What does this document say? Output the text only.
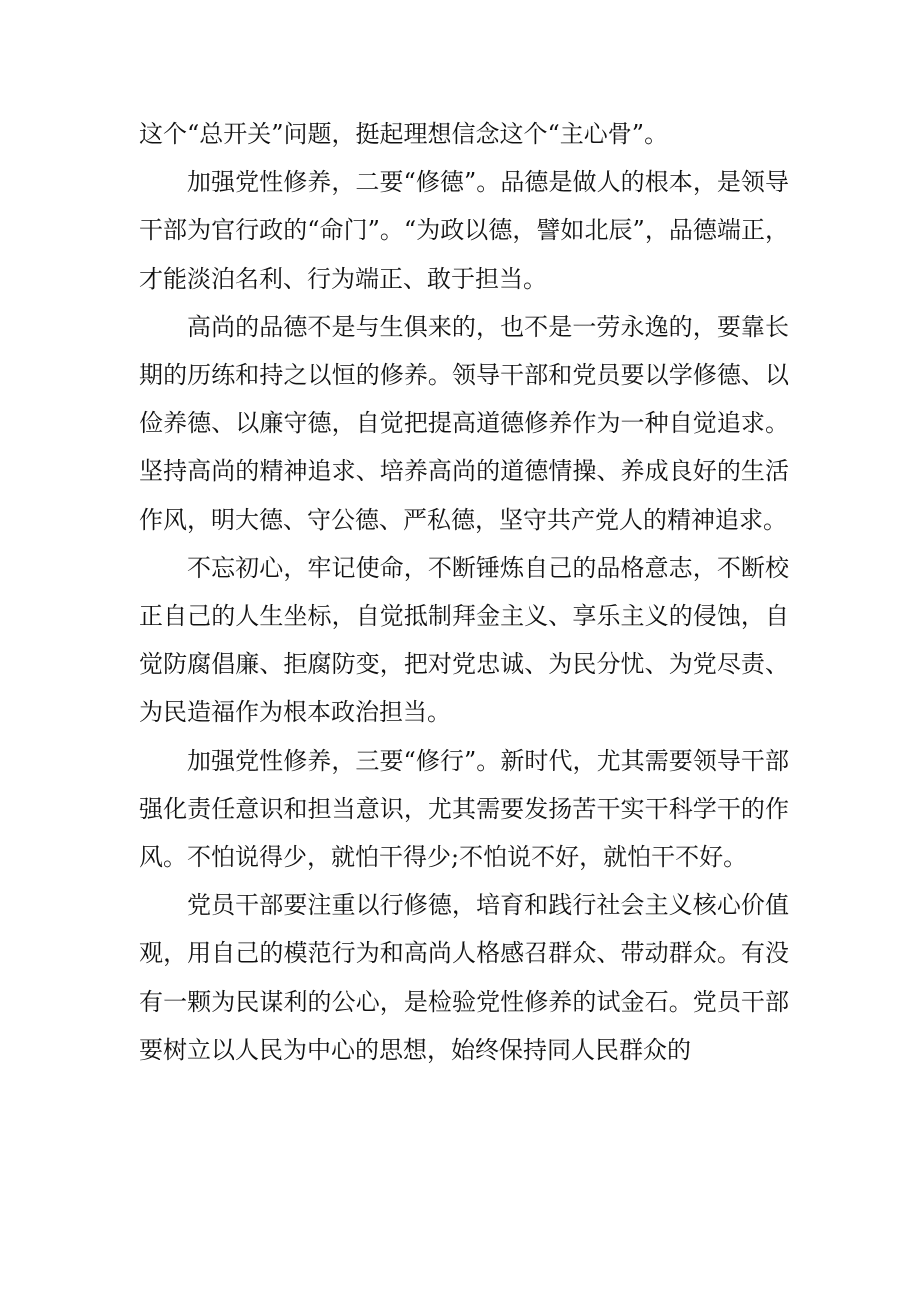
这个“总开关”问题，挺起理想信念这个“主心骨”。

加强党性修养，二要“修德”。品德是做人的根本，是领导干部为官行政的“命门”。“为政以德，譬如北辰”，品德端正，才能淡泊名利、行为端正、敢于担当。

高尚的品德不是与生俱来的，也不是一劳永逸的，要靠长期的历练和持之以恒的修养。领导干部和党员要以学修德、以俭养德、以廉守德，自觉把提高道德修养作为一种自觉追求。坚持高尚的精神追求、培养高尚的道德情操、养成良好的生活作风，明大德、守公德、严私德，坚守共产党人的精神追求。

不忘初心，牢记使命，不断锤炼自己的品格意志，不断校正自己的人生坐标，自觉抵制拜金主义、享乐主义的侵蚀，自觉防腐倡廉、拒腐防变，把对党忠诚、为民分忧、为党尽责、为民造福作为根本政治担当。

加强党性修养，三要“修行”。新时代，尤其需要领导干部强化责任意识和担当意识，尤其需要发扬苦干实干科学干的作风。不怕说得少，就怕干得少;不怕说不好，就怕干不好。

党员干部要注重以行修德，培育和践行社会主义核心价值观，用自己的模范行为和高尚人格感召群众、带动群众。有没有一颗为民谋利的公心，是检验党性修养的试金石。党员干部要树立以人民为中心的思想，始终保持同人民群众的
